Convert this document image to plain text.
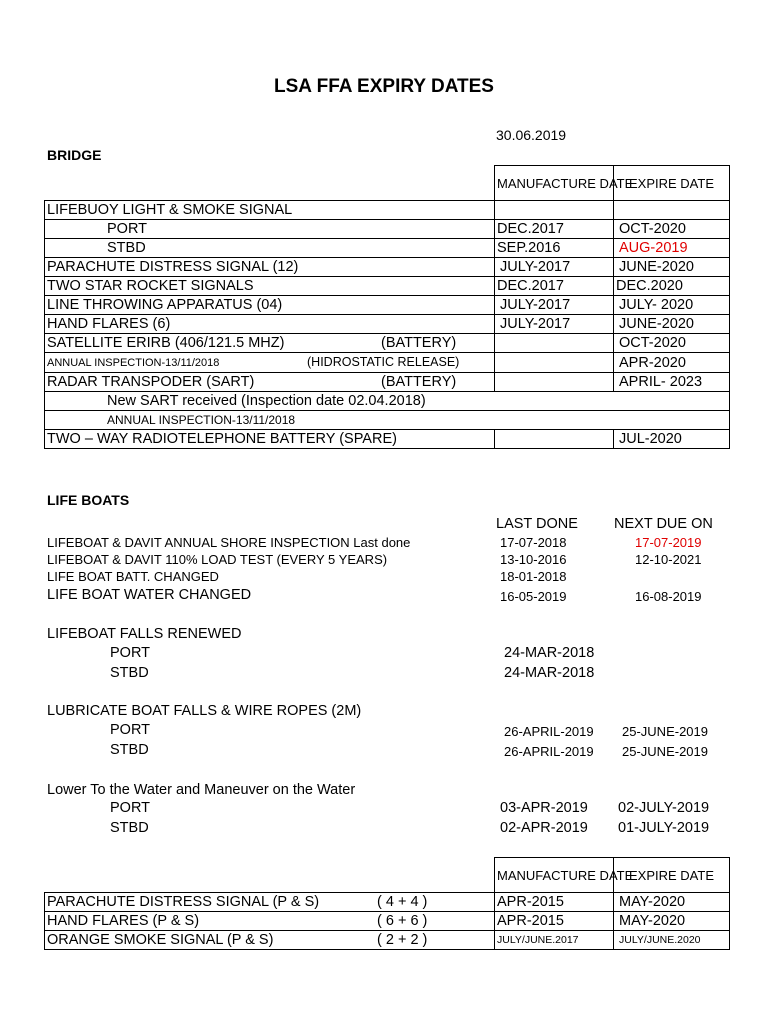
LSA FFA EXPIRY DATES
30.06.2019
BRIDGE
	MANUFACTURE DATE	EXPIRE DATE
LIFEBUOY LIGHT & SMOKE SIGNAL		
PORT	DEC.2017	OCT-2020
STBD	SEP.2016	AUG-2019
PARACHUTE DISTRESS SIGNAL (12)	JULY-2017	JUNE-2020
TWO STAR ROCKET SIGNALS	DEC.2017	DEC.2020
LINE THROWING APPARATUS (04)	JULY-2017	JULY- 2020
HAND FLARES (6)	JULY-2017	JUNE-2020
SATELLITE ERIRB (406/121.5 MHZ) (BATTERY)		OCT-2020
ANNUAL INSPECTION-13/11/2018 (HIDROSTATIC RELEASE)		APR-2020
RADAR TRANSPODER (SART) (BATTERY)		APRIL- 2023
New SART received (Inspection date 02.04.2018)		
ANNUAL INSPECTION-13/11/2018		
TWO – WAY RADIOTELEPHONE BATTERY (SPARE)		JUL-2020
LIFE BOATS
LAST DONE NEXT DUE ON
LIFEBOAT & DAVIT ANNUAL SHORE INSPECTION Last done	17-07-2018	17-07-2019
LIFEBOAT & DAVIT 110% LOAD TEST (EVERY 5 YEARS)	13-10-2016	12-10-2021
LIFE BOAT BATT. CHANGED	18-01-2018
LIFE BOAT WATER CHANGED	16-05-2019	16-08-2019
LIFEBOAT FALLS RENEWED
PORT	24-MAR-2018
STBD	24-MAR-2018
LUBRICATE BOAT FALLS & WIRE ROPES (2M)
PORT	26-APRIL-2019 25-JUNE-2019
STBD	26-APRIL-2019 25-JUNE-2019
Lower To the Water and Maneuver on the Water
PORT	03-APR-2019 02-JULY-2019
STBD	02-APR-2019 01-JULY-2019
	MANUFACTURE DATE	EXPIRE DATE
PARACHUTE DISTRESS SIGNAL (P & S) ( 4 + 4 )	APR-2015	MAY-2020
HAND FLARES (P & S) ( 6 + 6 )	APR-2015	MAY-2020
ORANGE SMOKE SIGNAL (P & S) ( 2 + 2 )	JULY/JUNE.2017	JULY/JUNE.2020
